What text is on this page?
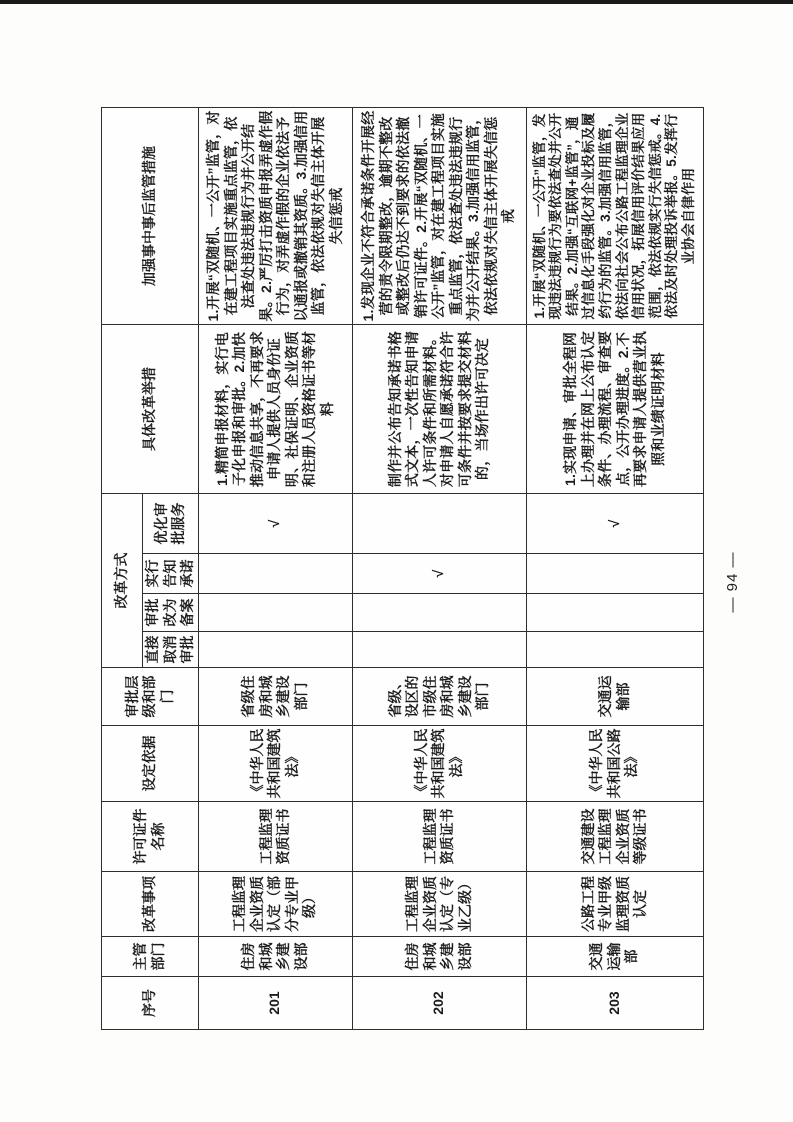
序号	主管部门	改革事项	许可证件名称	设定依据	审批层级和部门	改革方式				具体改革举措	加强事中事后监管措施
						直接取消审批	审批改为备案	实行告知承诺	优化审批服务		
201	住房和城乡建设部	工程监理企业资质认定（部分专业甲级）	工程监理资质证书	《中华人民共和国建筑法》	省级住房和城乡建设部门				√	1.精简申报材料，实行电子化申报和审批。2.加快推动信息共享，不再要求申请人提供人员身份证明、社保证明、企业资质和注册人员资格证书等材料	1.开展“双随机、一公开”监管，对在建工程项目实施重点监管，依法查处违法违规行为并公开结果。2.严厉打击资质申报弄虚作假行为，对弄虚作假的企业依法予以通报或撤销其资质。3.加强信用监管，依法依规对失信主体开展失信惩戒
202	住房和城乡建设部	工程监理企业资质认定（专业乙级）	工程监理资质证书	《中华人民共和国建筑法》	省级、设区的市级住房和城乡建设部门			√		制作并公布告知承诺书格式文本，一次性告知申请人许可条件和所需材料。对申请人自愿承诺符合许可条件并按要求提交材料的，当场作出许可决定	1.发现企业不符合承诺条件开展经营的责令限期整改，逾期不整改或整改后仍达不到要求的依法撤销许可证件。2.开展“双随机、一公开”监管，对在建工程项目实施重点监管，依法查处违法违规行为并公开结果。3.加强信用监管，依法依规对失信主体开展失信惩戒
203	交通运输部	公路工程专业甲级监理资质认定	交通建设工程监理企业资质等级证书	《中华人民共和国公路法》	交通运输部				√	1.实现申请、审批全程网上办理并在网上公布认定条件、办理流程、审查要点，公开办理进度。2.不再要求申请人提供营业执照和业绩证明材料	1.开展“双随机、一公开”监管，发现违法违规行为要依法查处并公开结果。2.加强“互联网+监管”，通过信息化手段强化对企业投标及履约行为的监管。3.加强信用监管，依法向社会公布公路工程监理企业信用状况，拓展信用评价结果应用范围，依法依规实行失信惩戒。4.依法及时处理投诉举报。5.发挥行业协会自律作用
— 94 —
